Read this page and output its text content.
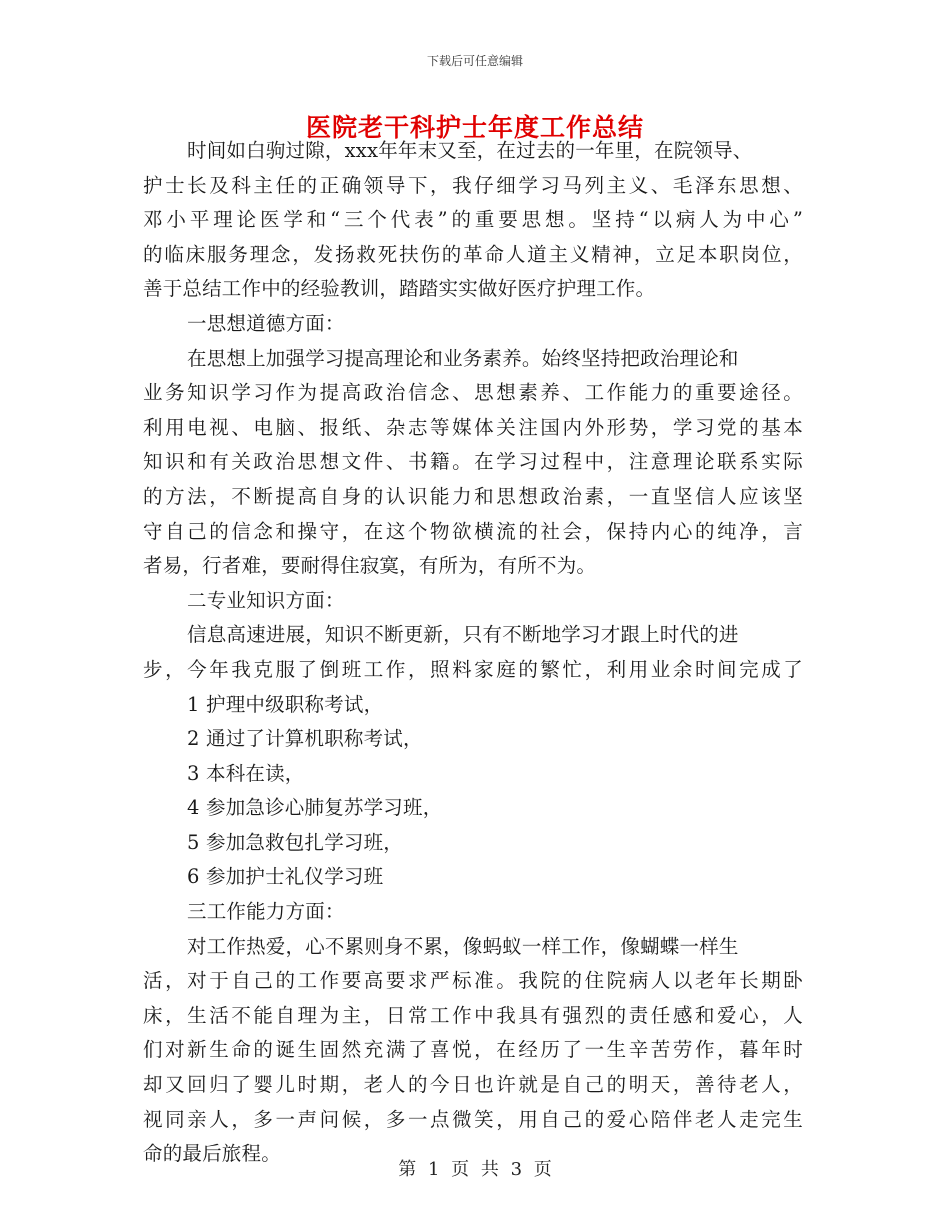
下载后可任意编辑
医院老干科护士年度工作总结
时间如白驹过隙，xxx年年末又至，在过去的一年里，在院领导、
护士长及科主任的正确领导下，我仔细学习马列主义、毛泽东思想、
邓小平理论医学和“三个代表”的重要思想。坚持“以病人为中心”
的临床服务理念，发扬救死扶伤的革命人道主义精神，立足本职岗位，
善于总结工作中的经验教训，踏踏实实做好医疗护理工作。
一思想道德方面：
在思想上加强学习提高理论和业务素养。始终坚持把政治理论和
业务知识学习作为提高政治信念、思想素养、工作能力的重要途径。
利用电视、电脑、报纸、杂志等媒体关注国内外形势，学习党的基本
知识和有关政治思想文件、书籍。在学习过程中，注意理论联系实际
的方法，不断提高自身的认识能力和思想政治素，一直坚信人应该坚
守自己的信念和操守，在这个物欲横流的社会，保持内心的纯净，言
者易，行者难，要耐得住寂寞，有所为，有所不为。
二专业知识方面：
信息高速进展，知识不断更新，只有不断地学习才跟上时代的进
步，今年我克服了倒班工作，照料家庭的繁忙，利用业余时间完成了
1 护理中级职称考试，
2 通过了计算机职称考试，
3 本科在读，
4 参加急诊心肺复苏学习班，
5 参加急救包扎学习班，
6 参加护士礼仪学习班
三工作能力方面：
对工作热爱，心不累则身不累，像蚂蚁一样工作，像蝴蝶一样生
活，对于自己的工作要高要求严标准。我院的住院病人以老年长期卧
床，生活不能自理为主，日常工作中我具有强烈的责任感和爱心，人
们对新生命的诞生固然充满了喜悦，在经历了一生辛苦劳作，暮年时
却又回归了婴儿时期，老人的今日也许就是自己的明天，善待老人，
视同亲人，多一声问候，多一点微笑，用自己的爱心陪伴老人走完生
命的最后旅程。
第 1 页 共 3 页
